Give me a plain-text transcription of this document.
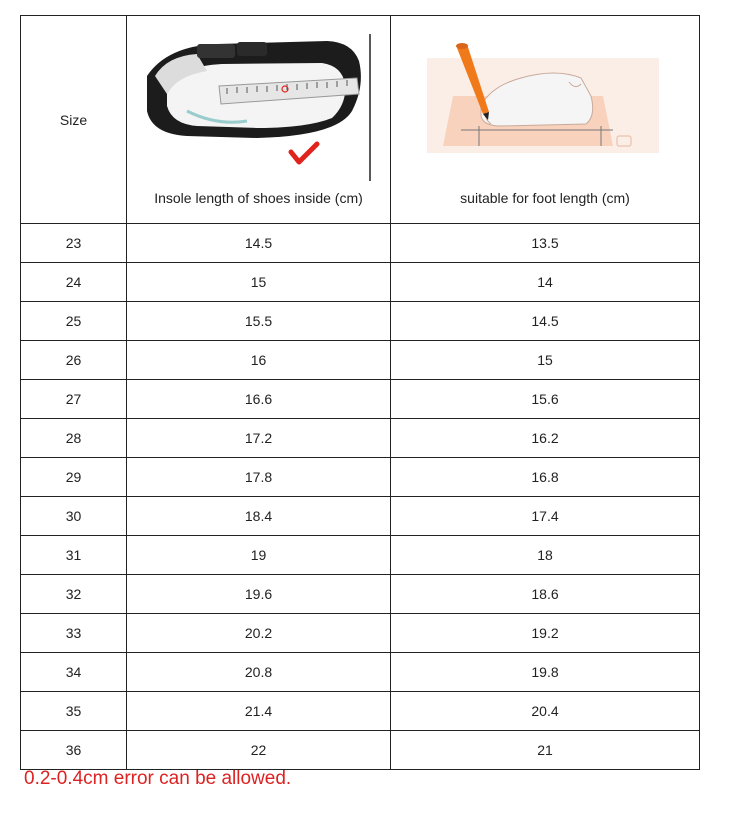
Size	Insole length of shoes inside (cm)	suitable for foot length (cm)

23	14.5	13.5
24	15	14
25	15.5	14.5
26	16	15
27	16.6	15.6
28	17.2	16.2
29	17.8	16.8
30	18.4	17.4
31	19	18
32	19.6	18.6
33	20.2	19.2
34	20.8	19.8
35	21.4	20.4
36	22	21
0.2-0.4cm error can be allowed.
